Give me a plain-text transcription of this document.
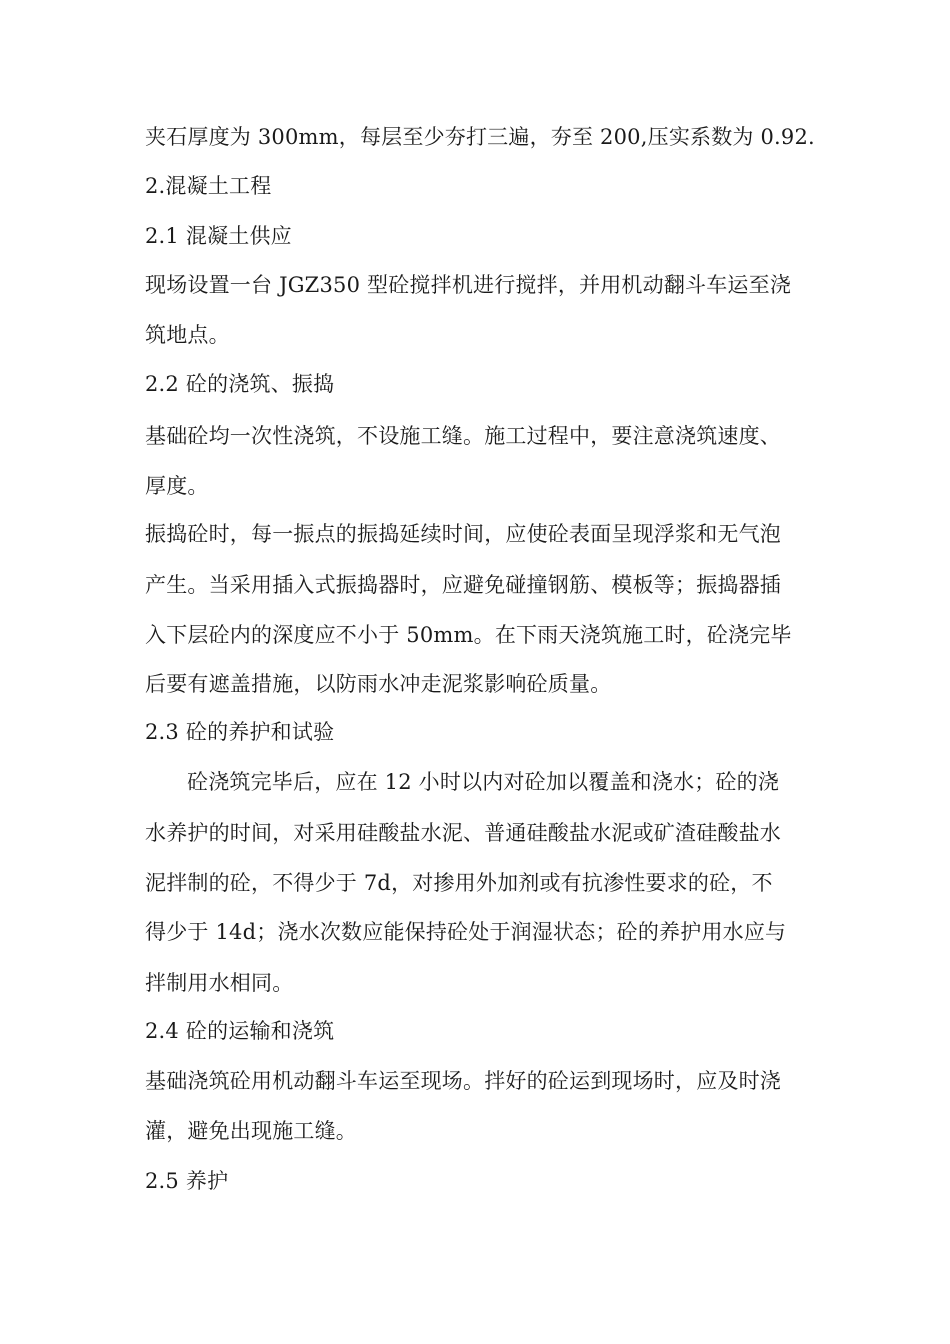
夹石厚度为 300mm，每层至少夯打三遍，夯至 200,压实系数为 0.92.
2.混凝土工程
2.1 混凝土供应
现场设置一台 JGZ350 型砼搅拌机进行搅拌，并用机动翻斗车运至浇
筑地点。
2.2 砼的浇筑、振捣
基础砼均一次性浇筑，不设施工缝。施工过程中，要注意浇筑速度、
厚度。
振捣砼时，每一振点的振捣延续时间，应使砼表面呈现浮浆和无气泡
产生。当采用插入式振捣器时，应避免碰撞钢筋、模板等；振捣器插
入下层砼内的深度应不小于 50mm。在下雨天浇筑施工时，砼浇完毕
后要有遮盖措施，以防雨水冲走泥浆影响砼质量。
2.3 砼的养护和试验
砼浇筑完毕后，应在 12 小时以内对砼加以覆盖和浇水；砼的浇
水养护的时间，对采用硅酸盐水泥、普通硅酸盐水泥或矿渣硅酸盐水
泥拌制的砼，不得少于 7d，对掺用外加剂或有抗渗性要求的砼，不
得少于 14d；浇水次数应能保持砼处于润湿状态；砼的养护用水应与
拌制用水相同。
2.4 砼的运输和浇筑
基础浇筑砼用机动翻斗车运至现场。拌好的砼运到现场时，应及时浇
灌，避免出现施工缝。
2.5 养护
